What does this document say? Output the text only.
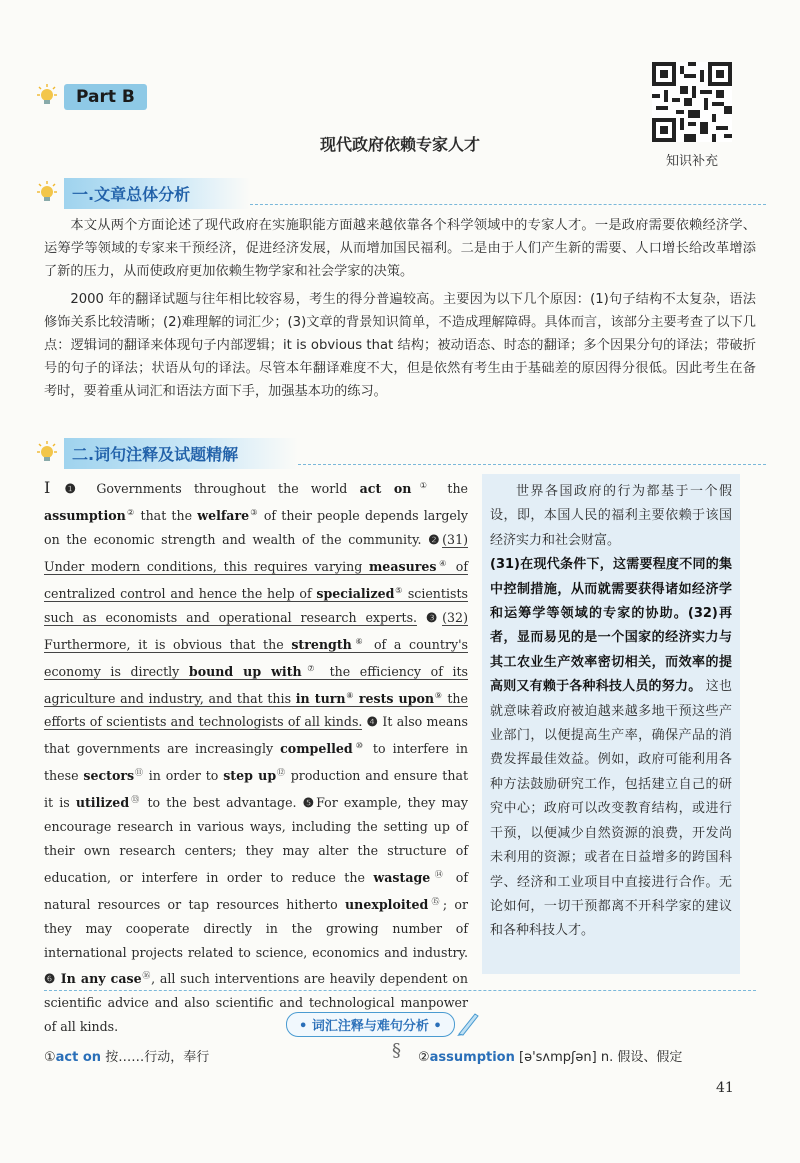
Part B
现代政府依赖专家人才
知识补充
一.文章总体分析
本文从两个方面论述了现代政府在实施职能方面越来越依靠各个科学领域中的专家人才。一是政府需要依赖经济学、运筹学等领域的专家来干预经济，促进经济发展，从而增加国民福利。二是由于人们产生新的需要、人口增长给改革增添了新的压力，从而使政府更加依赖生物学家和社会学家的决策。
2000 年的翻译试题与往年相比较容易，考生的得分普遍较高。主要因为以下几个原因：(1)句子结构不太复杂，语法修饰关系比较清晰；(2)难理解的词汇少；(3)文章的背景知识简单，不造成理解障碍。具体而言，该部分主要考查了以下几点：逻辑词的翻译来体现句子内部逻辑；it is obvious that 结构；被动语态、时态的翻译；多个因果分句的译法；带破折号的句子的译法；状语从句的译法。尽管本年翻译难度不大，但是依然有考生由于基础差的原因得分很低。因此考生在备考时，要着重从词汇和语法方面下手，加强基本功的练习。
二.词句注释及试题精解
I ❶ Governments throughout the world act on① the assumption② that the welfare③ of their people depends largely on the economic strength and wealth of the community. ❷(31) Under modern conditions, this requires varying measures④ of centralized control and hence the help of specialized⑤ scientists such as economists and operational research experts. ❸(32) Furthermore, it is obvious that the strength⑥ of a country's economy is directly bound up with⑦ the efficiency of its agriculture and industry, and that this in turn⑧ rests upon⑨ the efforts of scientists and technologists of all kinds. ❹ It also means that governments are increasingly compelled⑩ to interfere in these sectors⑪ in order to step up⑫ production and ensure that it is utilized⑬ to the best advantage. ❺For example, they may encourage research in various ways, including the setting up of their own research centers; they may alter the structure of education, or interfere in order to reduce the wastage⑭ of natural resources or tap resources hitherto unexploited⑮; or they may cooperate directly in the growing number of international projects related to science, economics and industry. ❻ In any case⑯, all such interventions are heavily dependent on scientific advice and also scientific and technological manpower of all kinds.
世界各国政府的行为都基于一个假设，即，本国人民的福利主要依赖于该国经济实力和社会财富。
(31)在现代条件下，这需要程度不同的集中控制措施，从而就需要获得诸如经济学和运筹学等领域的专家的协助。(32)再者，显而易见的是一个国家的经济实力与其工农业生产效率密切相关，而效率的提高则又有赖于各种科技人员的努力。 这也就意味着政府被迫越来越多地干预这些产业部门，以便提高生产率，确保产品的消费发挥最佳效益。例如，政府可能利用各种方法鼓励研究工作，包括建立自己的研究中心；政府可以改变教育结构，或进行干预，以便减少自然资源的浪费，开发尚未利用的资源；或者在日益增多的跨国科学、经济和工业项目中直接进行合作。无论如何，一切干预都离不开科学家的建议和各种科技人才。
• 词汇注释与难句分析 •
①act on 按……行动，奉行	§ ②assumption [ə'sʌmpʃən] n. 假设、假定
41
